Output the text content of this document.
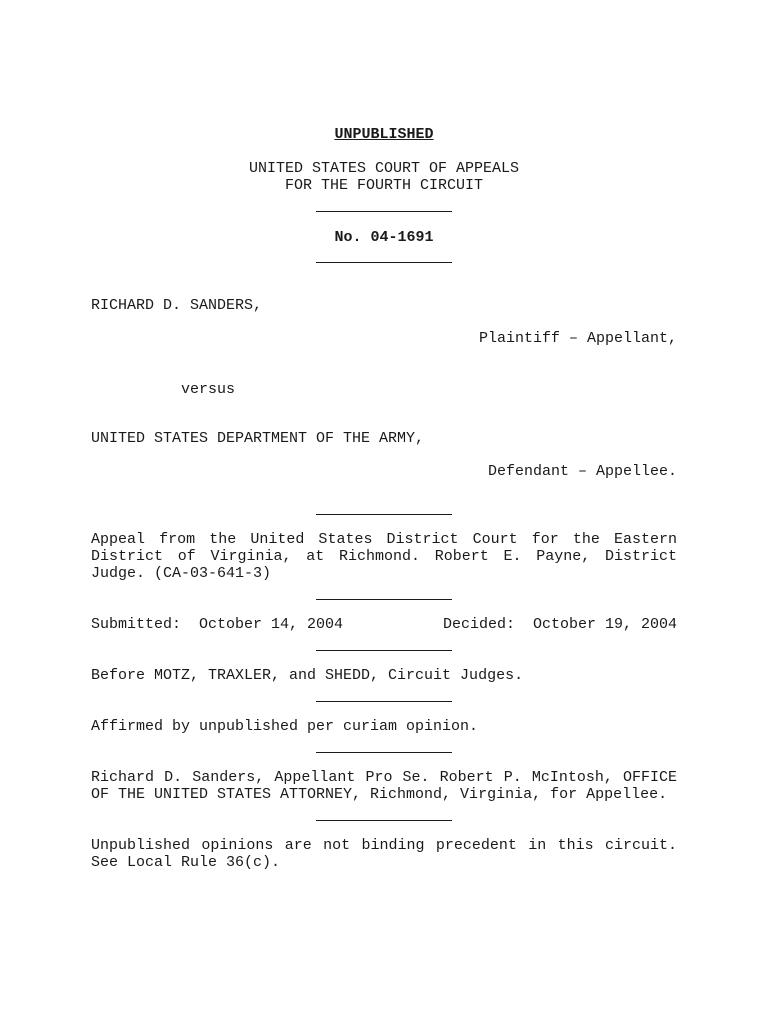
UNPUBLISHED
UNITED STATES COURT OF APPEALS
FOR THE FOURTH CIRCUIT
No. 04-1691
RICHARD D. SANDERS,
Plaintiff – Appellant,
versus
UNITED STATES DEPARTMENT OF THE ARMY,
Defendant – Appellee.
Appeal from the United States District Court for the Eastern District of Virginia, at Richmond. Robert E. Payne, District Judge. (CA-03-641-3)
Submitted:  October 14, 2004	Decided:  October 19, 2004
Before MOTZ, TRAXLER, and SHEDD, Circuit Judges.
Affirmed by unpublished per curiam opinion.
Richard D. Sanders, Appellant Pro Se. Robert P. McIntosh, OFFICE OF THE UNITED STATES ATTORNEY, Richmond, Virginia, for Appellee.
Unpublished opinions are not binding precedent in this circuit. See Local Rule 36(c).
